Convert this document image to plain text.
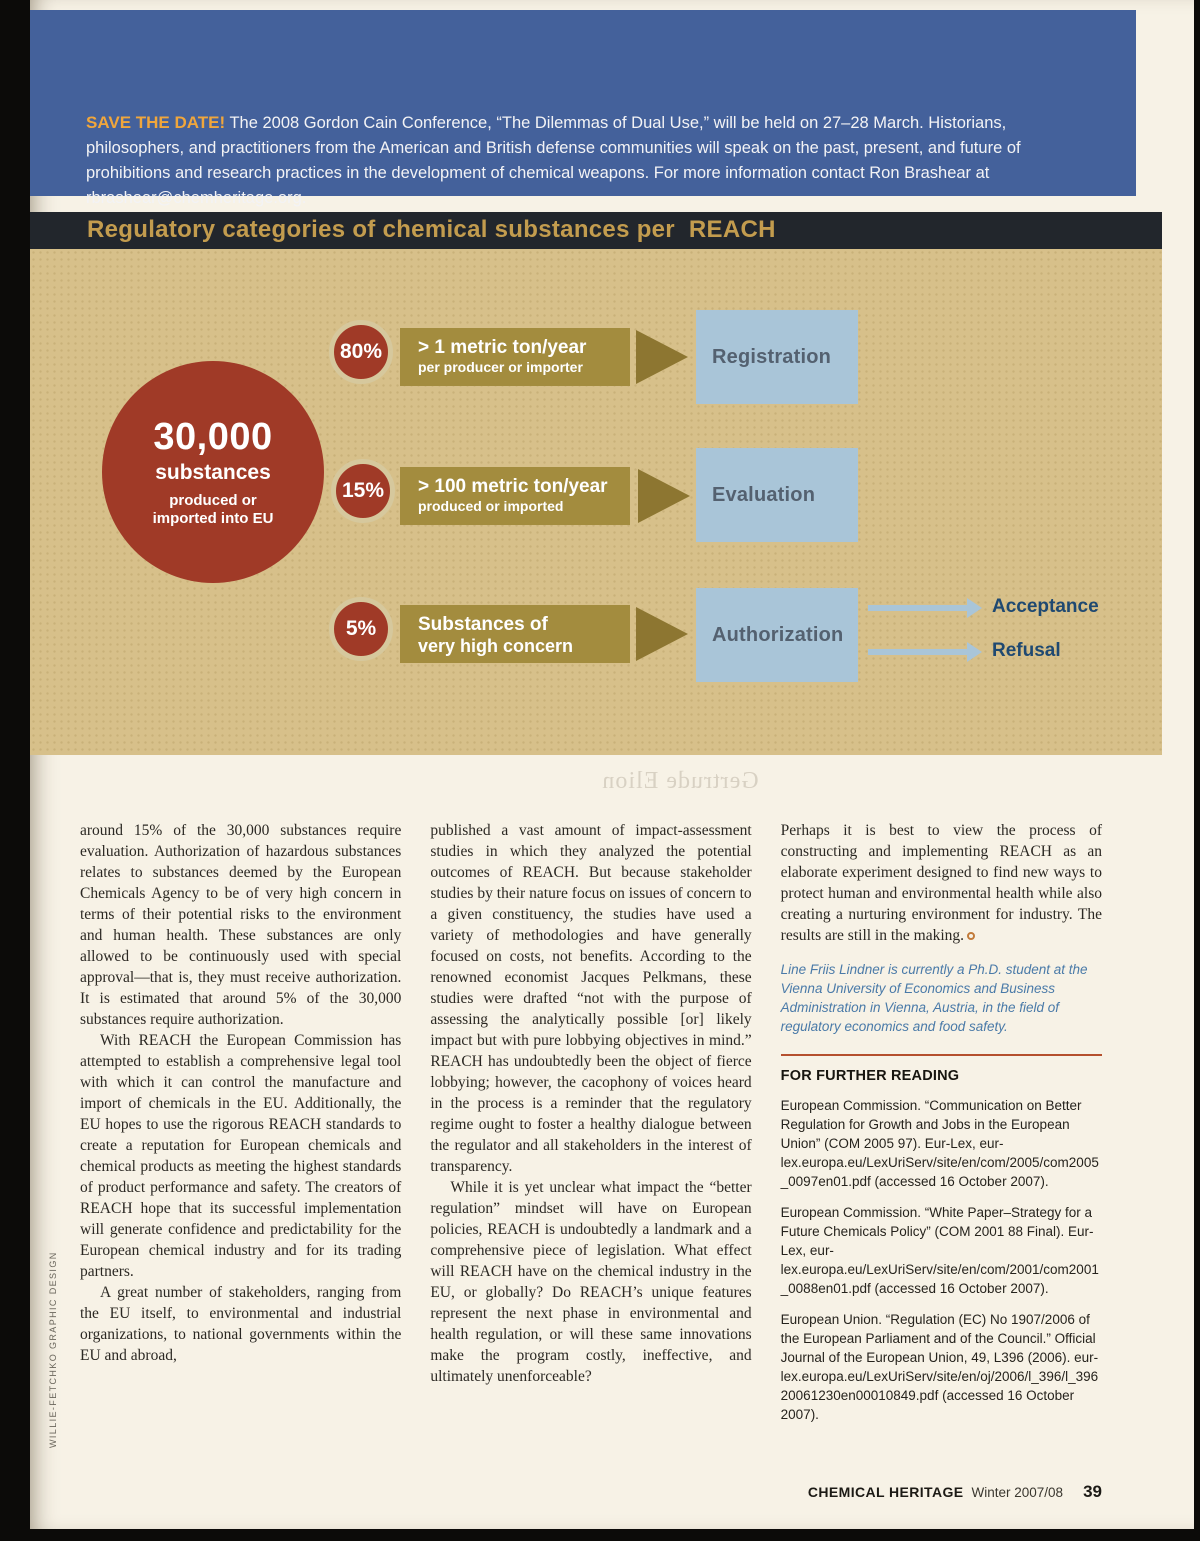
SAVE THE DATE! The 2008 Gordon Cain Conference, “The Dilemmas of Dual Use,” will be held on 27–28 March. Historians, philosophers, and practitioners from the American and British defense communities will speak on the past, present, and future of prohibitions and research practices in the development of chemical weapons. For more information contact Ron Brashear at rbrashear@chemheritage.org.

Regulatory categories of chemical substances per  REACH
30,000
substances
produced or
imported into EU
80% > 1 metric ton/year
per producer or importer	Registration
15% > 100 metric ton/year
produced or imported
Evaluation
5% Substances of
very high concern
Authorization
Acceptance
Refusal
Gertrude Elion

around 15% of the 30,000 substances require evaluation. Authorization of hazardous substances relates to substances deemed by the European Chemicals Agency to be of very high concern in terms of their potential risks to the environment and human health. These substances are only allowed to be continuously used with special approval—that is, they must receive authorization. It is estimated that around 5% of the 30,000 substances require authorization.

With REACH the European Commission has attempted to establish a comprehensive legal tool with which it can control the manufacture and import of chemicals in the EU. Additionally, the EU hopes to use the rigorous REACH standards to create a reputation for European chemicals and chemical products as meeting the highest standards of product performance and safety. The creators of REACH hope that its successful implementation will generate confidence and predictability for the European chemical industry and for its trading partners.

A great number of stakeholders, ranging from the EU itself, to environmental and industrial organizations, to national governments within the EU and abroad,

published a vast amount of impact-assessment studies in which they analyzed the potential outcomes of REACH. But because stakeholder studies by their nature focus on issues of concern to a given constituency, the studies have used a variety of methodologies and have generally focused on costs, not benefits. According to the renowned economist Jacques Pelkmans, these studies were drafted “not with the purpose of assessing the analytically possible [or] likely impact but with pure lobbying objectives in mind.” REACH has undoubtedly been the object of fierce lobbying; however, the cacophony of voices heard in the process is a reminder that the regulatory regime ought to foster a healthy dialogue between the regulator and all stakeholders in the interest of transparency.

While it is yet unclear what impact the “better regulation” mindset will have on European policies, REACH is undoubtedly a landmark and a comprehensive piece of legislation. What effect will REACH have on the chemical industry in the EU, or globally? Do REACH’s unique features represent the next phase in environmental and health regulation, or will these same innovations make the program costly, ineffective, and ultimately unenforceable?

Perhaps it is best to view the process of constructing and implementing REACH as an elaborate experiment designed to find new ways to protect human and environmental health while also creating a nurturing environment for industry. The results are still in the making.

Line Friis Lindner is currently a Ph.D. student at the Vienna University of Economics and Business Administration in Vienna, Austria, in the field of regulatory economics and food safety.

FOR FURTHER READING

European Commission. “Communication on Better Regulation for Growth and Jobs in the European Union” (COM 2005 97). Eur-Lex, eur-lex.europa.eu/LexUriServ/site/en/com/2005/com2005_0097en01.pdf (accessed 16 October 2007).

European Commission. “White Paper–Strategy for a Future Chemicals Policy” (COM 2001 88 Final). Eur-Lex, eur-lex.europa.eu/LexUriServ/site/en/com/2001/com2001_0088en01.pdf (accessed 16 October 2007).

European Union. “Regulation (EC) No 1907/2006 of the European Parliament and of the Council.” Official Journal of the European Union, 49, L396 (2006). eur-lex.europa.eu/LexUriServ/site/en/oj/2006/l_396/l_39620061230en00010849.pdf (accessed 16 October 2007).

WILLIE-FETCHKO GRAPHIC DESIGN
CHEMICAL HERITAGE Winter 2007/08 39
